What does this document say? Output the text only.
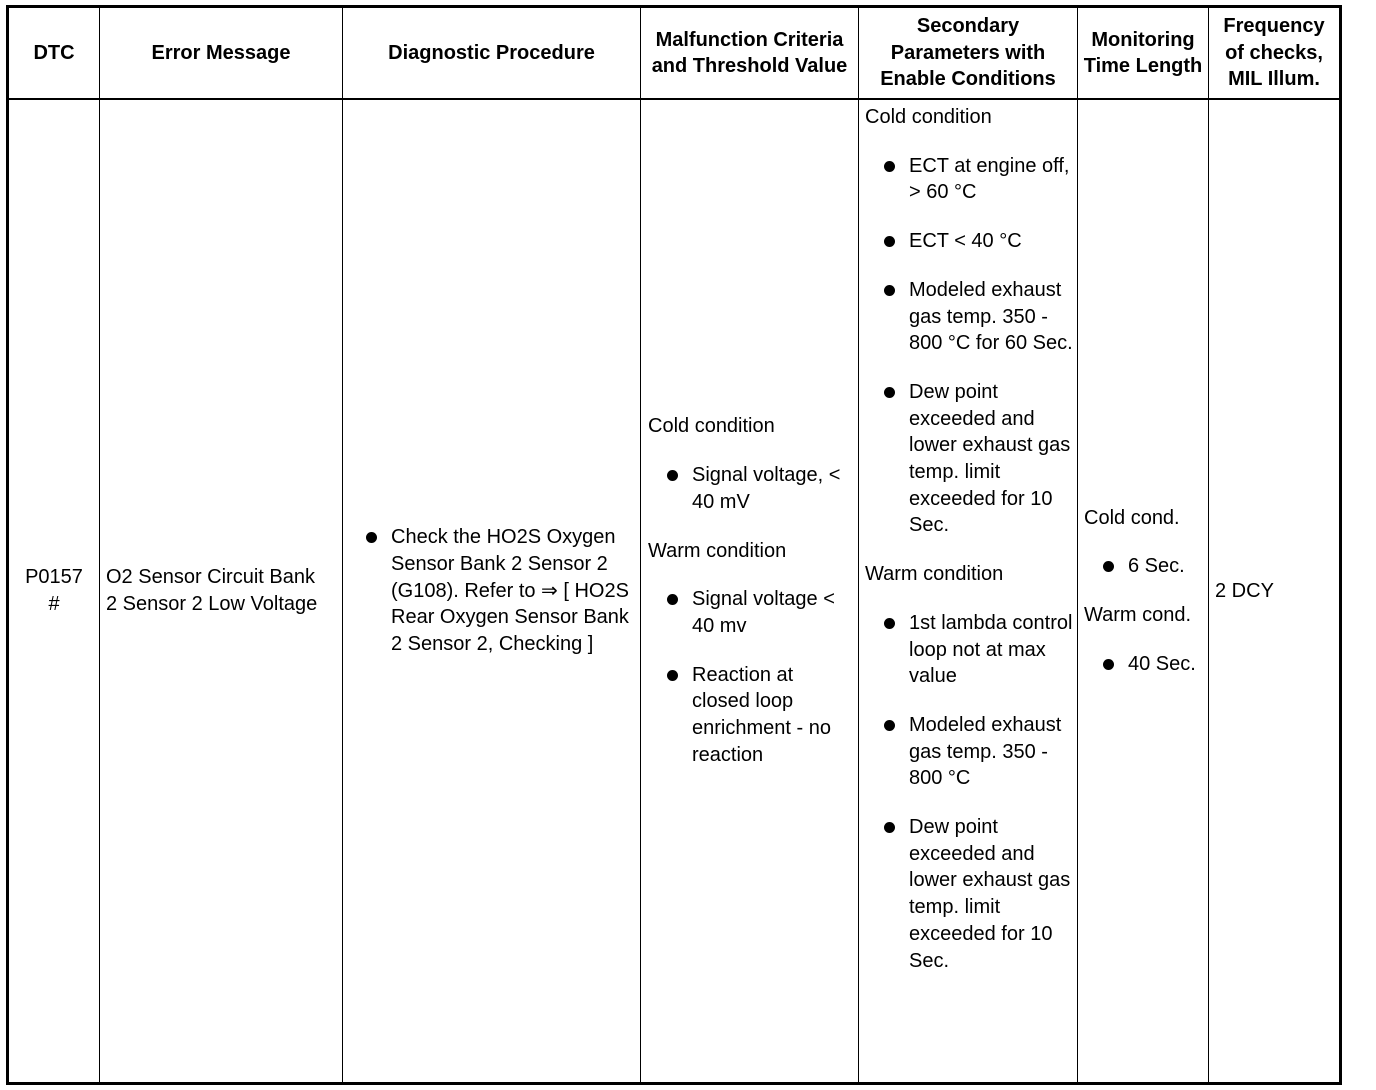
DTC	Error Message	Diagnostic Procedure
Malfunction Criteria and Threshold Value
Secondary Parameters with Enable Conditions
Monitoring Time Length
Frequency of checks, MIL Illum.
P0157
#

O2 Sensor Circuit Bank 2 Sensor 2 Low Voltage

Check the HO2S Oxygen Sensor Bank 2 Sensor 2 (G108). Refer to ⇒ [ HO2S Rear Oxygen Sensor Bank 2 Sensor 2, Checking ]
Cold condition
Signal voltage, < 40 mV
Warm condition
Signal voltage < 40 mv
Reaction at closed loop enrichment - no reaction
Cold condition
ECT at engine off, > 60 °C
ECT < 40 °C
Modeled exhaust gas temp. 350 - 800 °C for 60 Sec.
Dew point exceeded and lower exhaust gas temp. limit exceeded for 10 Sec.
Warm condition
1st lambda control loop not at max value
Modeled exhaust gas temp. 350 - 800 °C
Dew point exceeded and lower exhaust gas temp. limit exceeded for 10 Sec.
Cold cond.
6 Sec.
Warm cond.
40 Sec.
2 DCY
